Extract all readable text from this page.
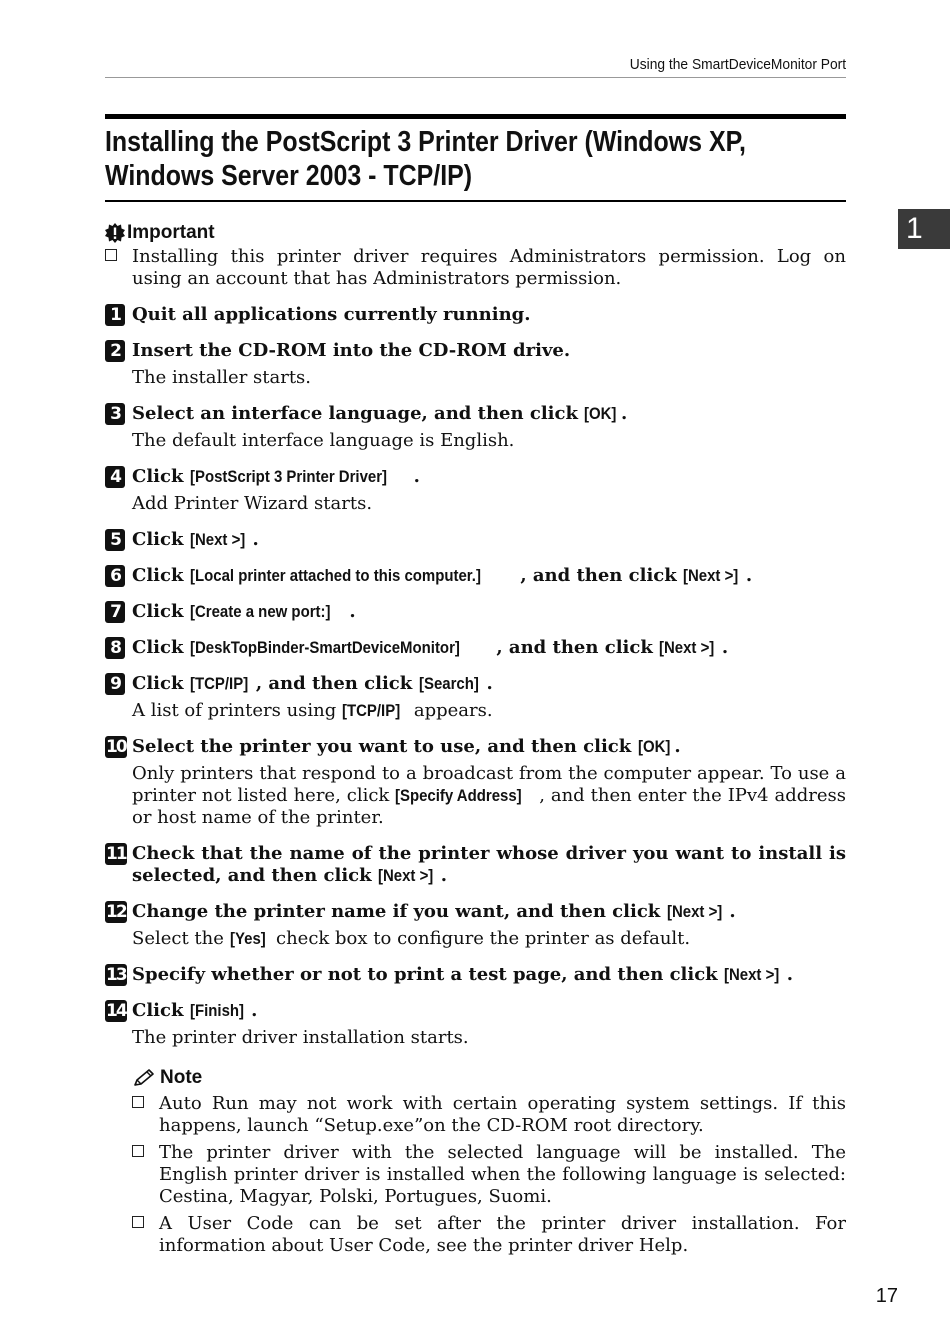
Using the SmartDeviceMonitor Port
Installing the PostScript 3 Printer Driver (Windows XP, Windows Server 2003 - TCP/IP)
1
Important
Installing this printer driver requires Administrators permission. Log on using an account that has Administrators permission.
1 Quit all applications currently running.
2 Insert the CD-ROM into the CD-ROM drive.
The installer starts.
3 Select an interface language, and then click [OK] .
The default interface language is English.
4 Click [PostScript 3 Printer Driver] .
Add Printer Wizard starts.
5 Click [Next >] .
6 Click [Local printer attached to this computer.] , and then click [Next >] .
7 Click [Create a new port:] .
8 Click [DeskTopBinder-SmartDeviceMonitor] , and then click [Next >] .
9 Click [TCP/IP] , and then click [Search] .
A list of printers using [TCP/IP] appears.
10 Select the printer you want to use, and then click [OK] .
Only printers that respond to a broadcast from the computer appear. To use a printer not listed here, click [Specify Address] , and then enter the IPv4 address or host name of the printer.
11 Check that the name of the printer whose driver you want to install is selected, and then click [Next >] .
12 Change the printer name if you want, and then click [Next >] .
Select the [Yes] check box to configure the printer as default.
13 Specify whether or not to print a test page, and then click [Next >] .
14 Click [Finish] .
The printer driver installation starts.
Note
Auto Run may not work with certain operating system settings. If this happens, launch “Setup.exe”on the CD-ROM root directory.
The printer driver with the selected language will be installed. The English printer driver is installed when the following language is selected: Cestina, Magyar, Polski, Portugues, Suomi.
A User Code can be set after the printer driver installation. For information about User Code, see the printer driver Help.
17
